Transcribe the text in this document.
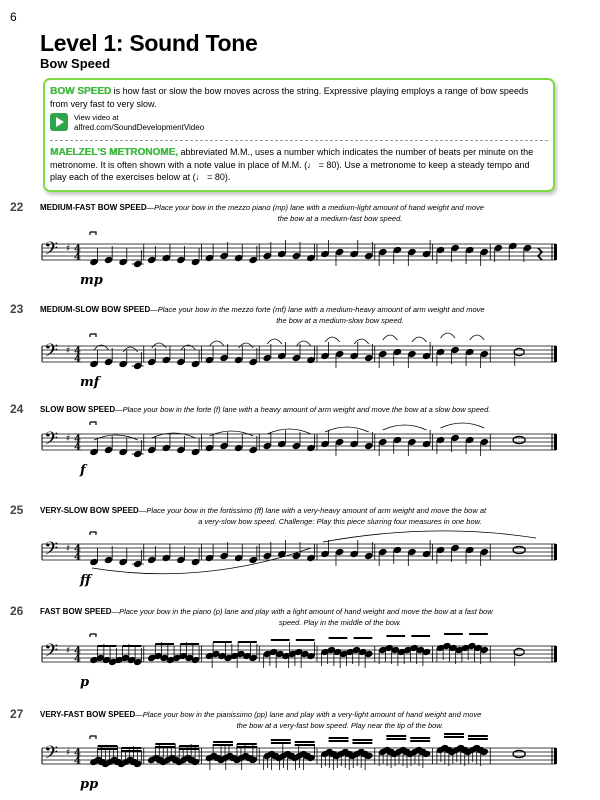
6
Level 1: Sound Tone
Bow Speed
BOW SPEED is how fast or slow the bow moves across the string. Expressive playing employs a range of bow speeds from very fast to very slow.
View video at
alfred.com/SoundDevelopmentVideo
MAELZEL'S METRONOME, abbreviated M.M., uses a number which indicates the number of beats per minute on the metronome. It is often shown with a note value in place of M.M. (♩ = 80). Use a metronome to keep a steady tempo and play each of the exercises below at (♩ = 80).
22 MEDIUM-FAST BOW SPEED—Place your bow in the mezzo piano (mp) lane with a medium-light amount of hand weight and move
the bow at a medium-fast bow speed.
𝄢 ♯ 4
4
mp
23 MEDIUM-SLOW BOW SPEED—Place your bow in the mezzo forte (mf) lane with a medium-heavy amount of arm weight and move
the bow at a medium-slow bow speed.
𝄢 ♯ 4
4
mf
24 SLOW BOW SPEED—Place your bow in the forte (f) lane with a heavy amount of arm weight and move the bow at a slow bow speed.
𝄢 ♯ 4
4
f
25 VERY-SLOW BOW SPEED—Place your bow in the fortissimo (ff) lane with a very-heavy amount of arm weight and move the bow at
a very-slow bow speed. Challenge: Play this piece slurring four measures in one bow.
𝄢 ♯ 4
4
ff
26 FAST BOW SPEED—Place your bow in the piano (p) lane and play with a light amount of hand weight and move the bow at a fast bow
speed. Play in the middle of the bow.
𝄢 ♯ 4
4
p
27 VERY-FAST BOW SPEED—Place your bow in the pianissimo (pp) lane and play with a very-light amount of hand weight and move
the bow at a very-fast bow speed. Play near the tip of the bow.
𝄢 ♯ 4
4
pp
